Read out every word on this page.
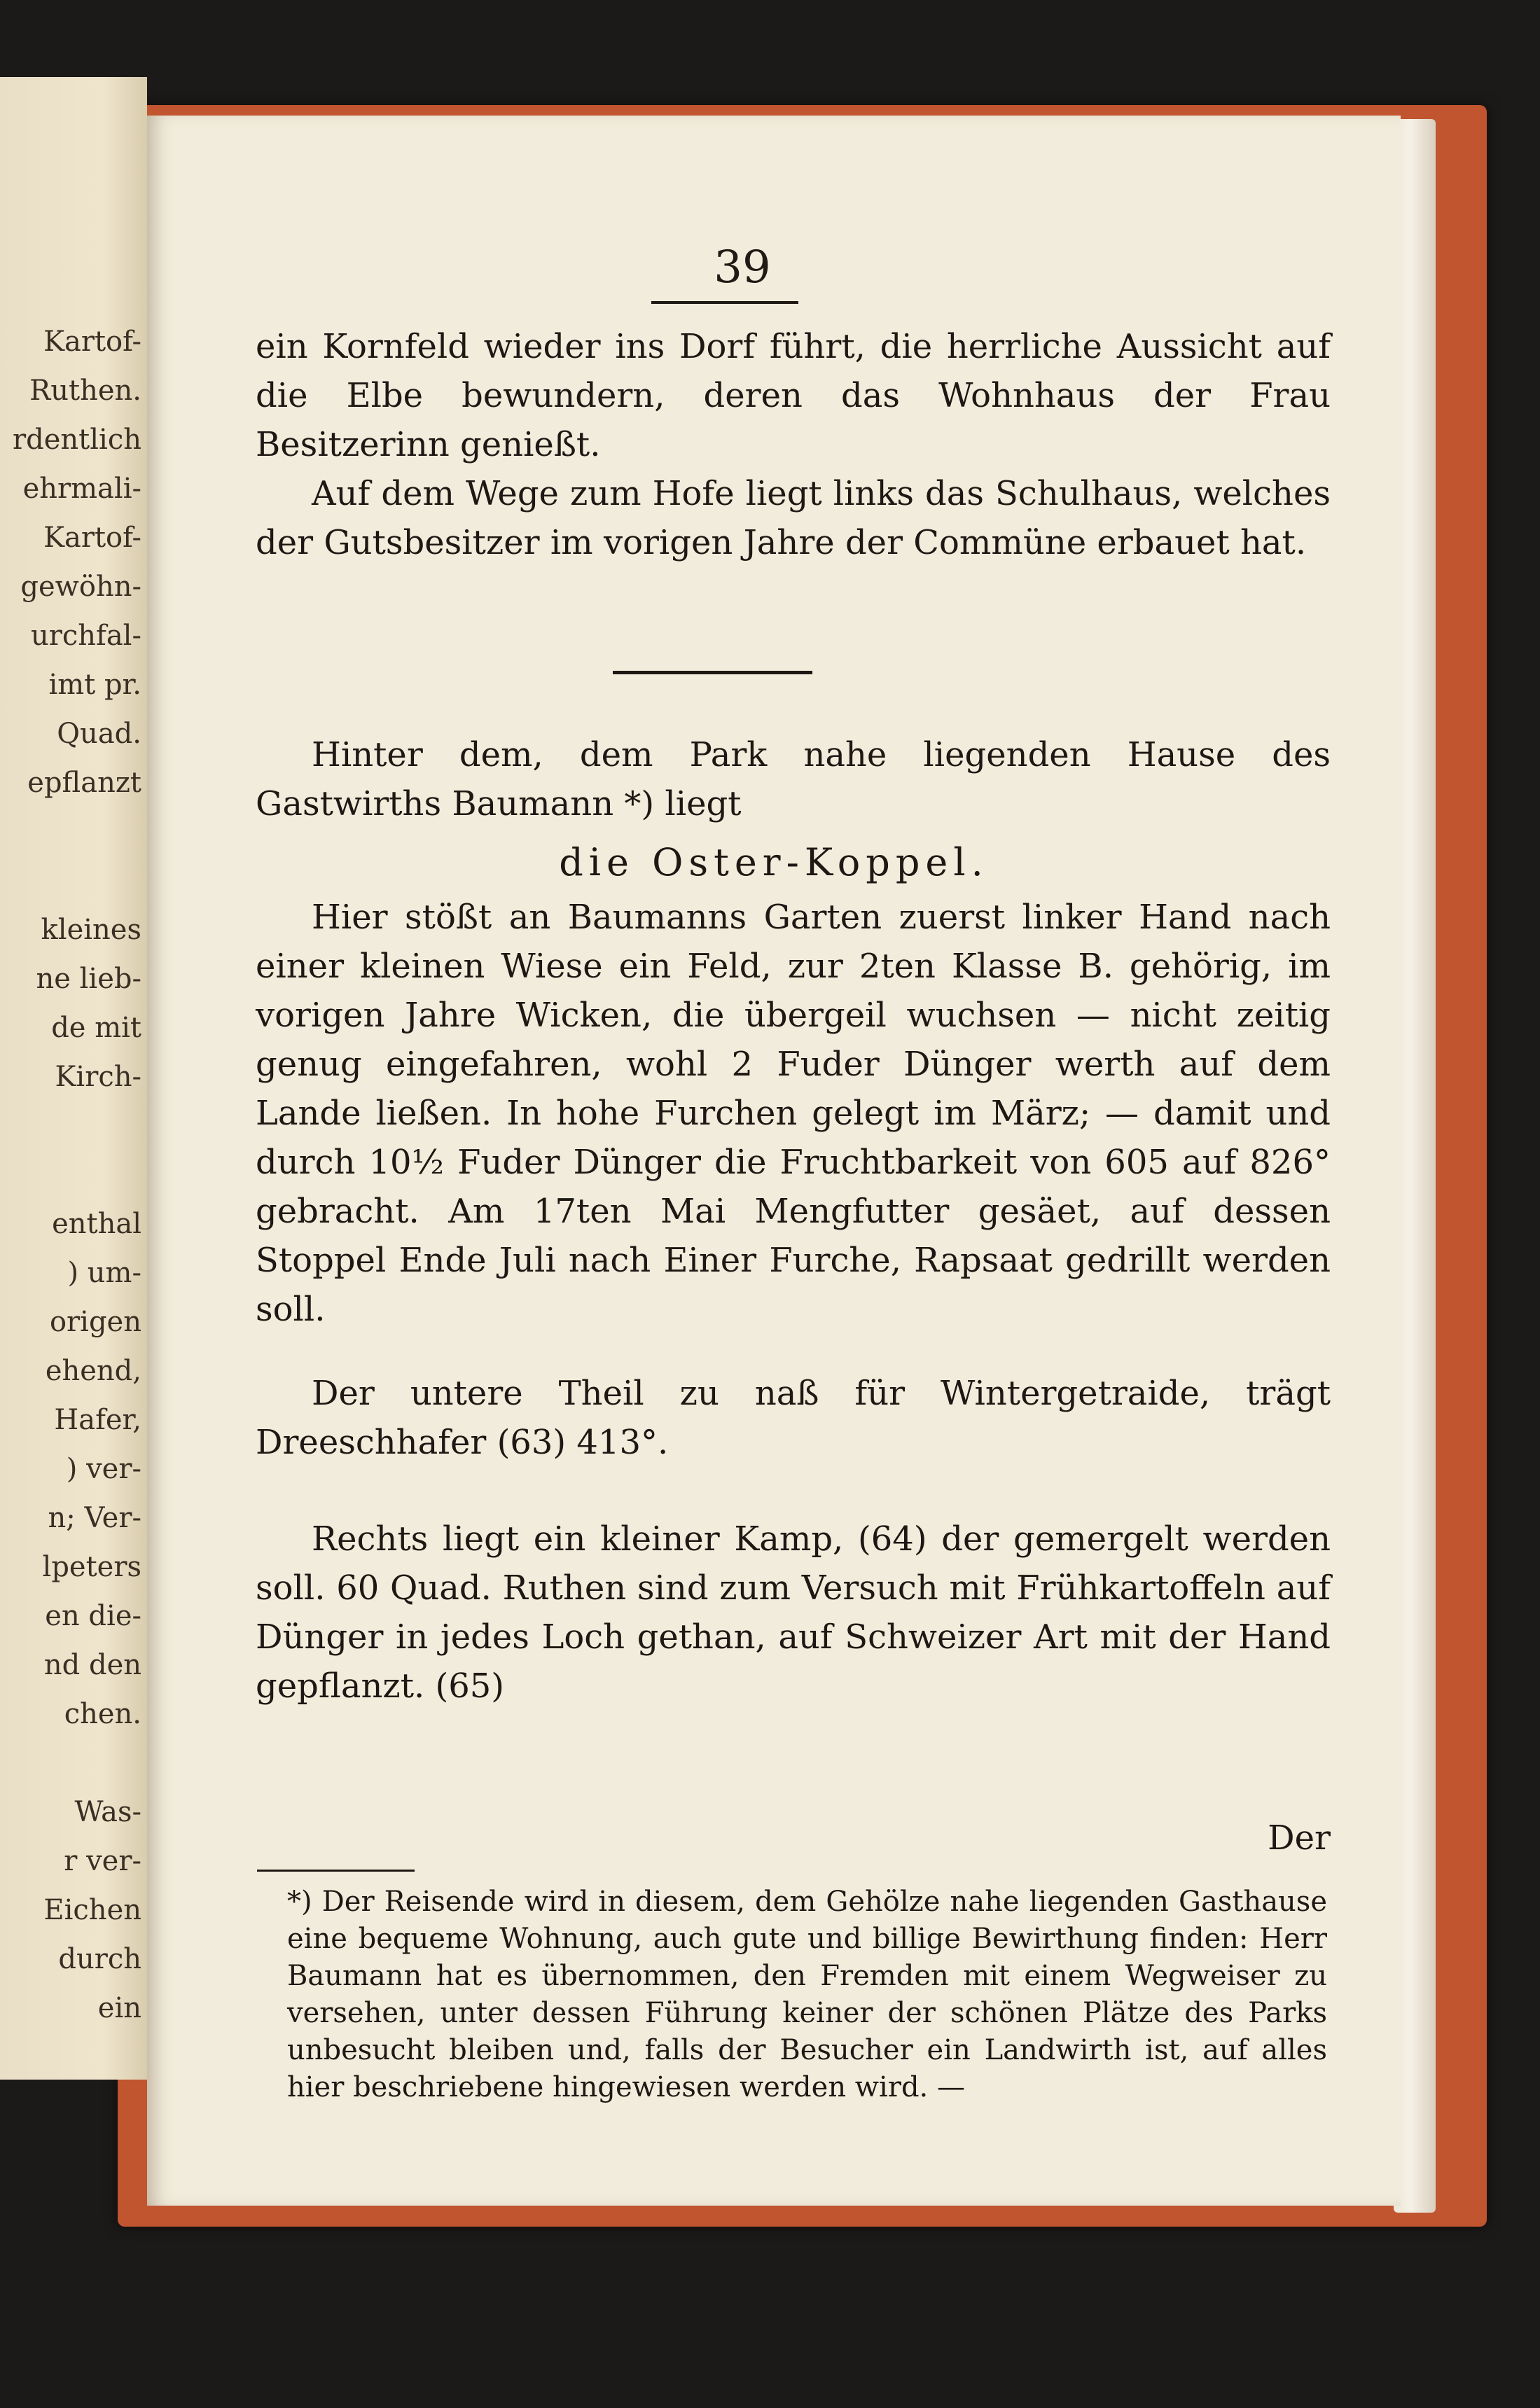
Kartof-
Ruthen.
rdentlich
ehrmali-
Kartof-
gewöhn-
urchfal-
imt pr.
Quad.
epflanzt
kleines
ne lieb-
de mit
Kirch-
enthal
) um-
origen
ehend,
Hafer,
) ver-
n; Ver-
lpeters
en die-
nd den
chen.
Was-
r ver-
Eichen
durch
ein
39

ein Kornfeld wieder ins Dorf führt, die herrliche Aussicht auf die Elbe bewundern, deren das Wohnhaus der Frau Besitzerinn genießt.

Auf dem Wege zum Hofe liegt links das Schulhaus, welches der Gutsbesitzer im vorigen Jahre der Commüne erbauet hat.

Hinter dem, dem Park nahe liegenden Hause des Gastwirths Baumann *) liegt

die Oster-Koppel.

Hier stößt an Baumanns Garten zuerst linker Hand nach einer kleinen Wiese ein Feld, zur 2ten Klasse B. gehörig, im vorigen Jahre Wicken, die übergeil wuchsen — nicht zeitig genug eingefahren, wohl 2 Fuder Dünger werth auf dem Lande ließen. In hohe Furchen gelegt im März; — damit und durch 10½ Fuder Dünger die Fruchtbarkeit von 605 auf 826° gebracht. Am 17ten Mai Mengfutter gesäet, auf dessen Stoppel Ende Juli nach Einer Furche, Rapsaat gedrillt werden soll.

Der untere Theil zu naß für Wintergetraide, trägt Dreeschhafer (63) 413°.

Rechts liegt ein kleiner Kamp, (64) der gemergelt werden soll. 60 Quad. Ruthen sind zum Versuch mit Frühkartoffeln auf Dünger in jedes Loch gethan, auf Schweizer Art mit der Hand gepflanzt. (65)

Der

*) Der Reisende wird in diesem, dem Gehölze nahe liegenden Gasthause eine bequeme Wohnung, auch gute und billige Bewirthung finden: Herr Baumann hat es übernommen, den Fremden mit einem Wegweiser zu versehen, unter dessen Führung keiner der schönen Plätze des Parks unbesucht bleiben und, falls der Besucher ein Landwirth ist, auf alles hier beschriebene hingewiesen werden wird. —
